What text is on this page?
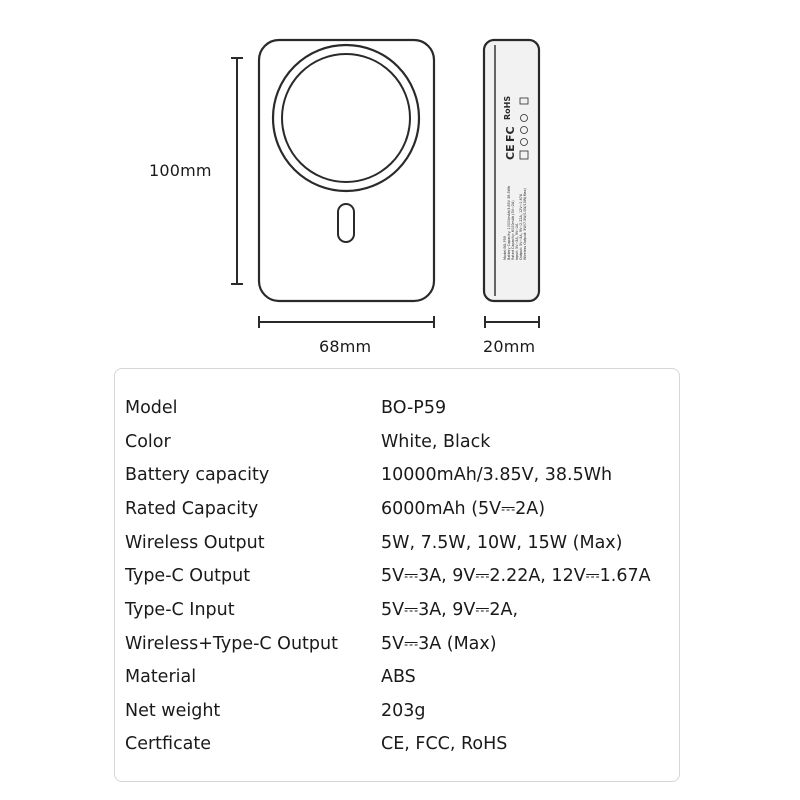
RoHS
FC
CE
Model:BO-P59 Battery Capacity: 10000mAh/3.85V 38.5Wh Rated Capacity: 6000mAh (5V⎓2A) Input: 5V⎓3A, 9V⎓2A Output: 5V⎓3A, 9V⎓2.22A, 12V⎓1.67A Wireless Output: 5W/7.5W/10W/15W(Max)
100mm
68mm	20mm
Model	BO-P59
Color	White, Black
Battery capacity	10000mAh/3.85V, 38.5Wh
Rated Capacity	6000mAh (5V⎓2A)
Wireless Output	5W, 7.5W, 10W, 15W (Max)
Type-C Output	5V⎓3A, 9V⎓2.22A, 12V⎓1.67A
Type-C Input	5V⎓3A, 9V⎓2A,
Wireless+Type-C Output 5V⎓3A (Max)
Material	ABS
Net weight	203g
Certficate	CE, FCC, RoHS
